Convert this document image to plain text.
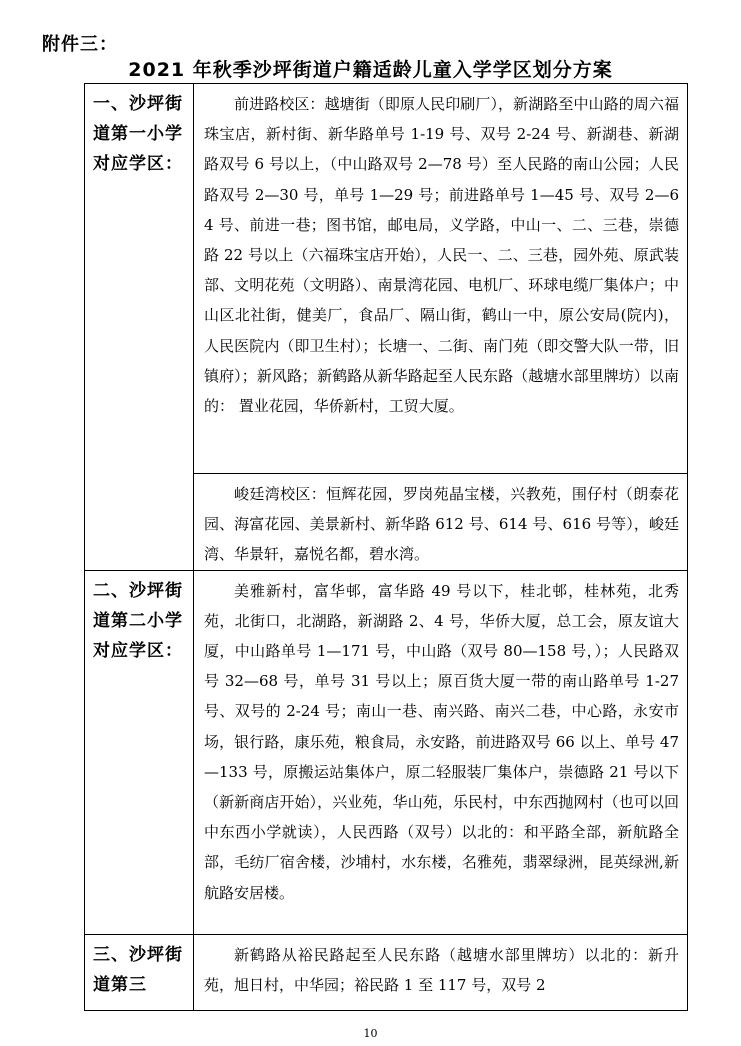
附件三：
2021 年秋季沙坪街道户籍适龄儿童入学学区划分方案
一、沙坪街道第一小学对应学区：	前进路校区：越塘街（即原人民印刷厂），新湖路至中山路的周六福珠宝店，新村街、新华路单号 1-19 号、双号 2-24 号、新湖巷、新湖路双号 6 号以上，（中山路双号 2—78 号）至人民路的南山公园；人民路双号 2—30 号，单号 1—29 号；前进路单号 1—45 号、双号 2—64 号、前进一巷；图书馆，邮电局，义学路，中山一、二、三巷，崇德路 22 号以上（六福珠宝店开始），人民一、二、三巷，园外苑、原武装部、文明花苑（文明路）、南景湾花园、电机厂、环球电缆厂集体户；中山区北社街，健美厂，食品厂、隔山街，鹤山一中，原公安局(院内)，人民医院内（即卫生村）；长塘一、二街、南门苑（即交警大队一带，旧镇府）；新风路；新鹤路从新华路起至人民东路（越塘水部里牌坊）以南的： 置业花园，华侨新村，工贸大厦。
	峻廷湾校区：恒辉花园，罗岗苑晶宝楼，兴教苑，围仔村（朗泰花园、海富花园、美景新村、新华路 612 号、614 号、616 号等），峻廷湾、华景轩，嘉悦名都，碧水湾。
二、沙坪街道第二小学对应学区：	美雅新村，富华邨，富华路 49 号以下，桂北邨，桂林苑，北秀苑，北街口，北湖路，新湖路 2、4 号，华侨大厦，总工会，原友谊大厦，中山路单号 1—171 号，中山路（双号 80—158 号，）；人民路双号 32—68 号，单号 31 号以上；原百货大厦一带的南山路单号 1-27 号、双号的 2-24 号；南山一巷、南兴路、南兴二巷，中心路，永安市场，银行路，康乐苑，粮食局，永安路，前进路双号 66 以上、单号 47—133 号，原搬运站集体户，原二轻服装厂集体户，崇德路 21 号以下（新新商店开始），兴业苑，华山苑，乐民村，中东西抛网村（也可以回中东西小学就读），人民西路（双号）以北的：和平路全部，新航路全部，毛纺厂宿舍楼，沙埔村，水东楼，名雅苑，翡翠绿洲，昆英绿洲,新航路安居楼。
三、沙坪街道第三	新鹤路从裕民路起至人民东路（越塘水部里牌坊）以北的：新升苑，旭日村，中华园；裕民路 1 至 117 号，双号 2
10
